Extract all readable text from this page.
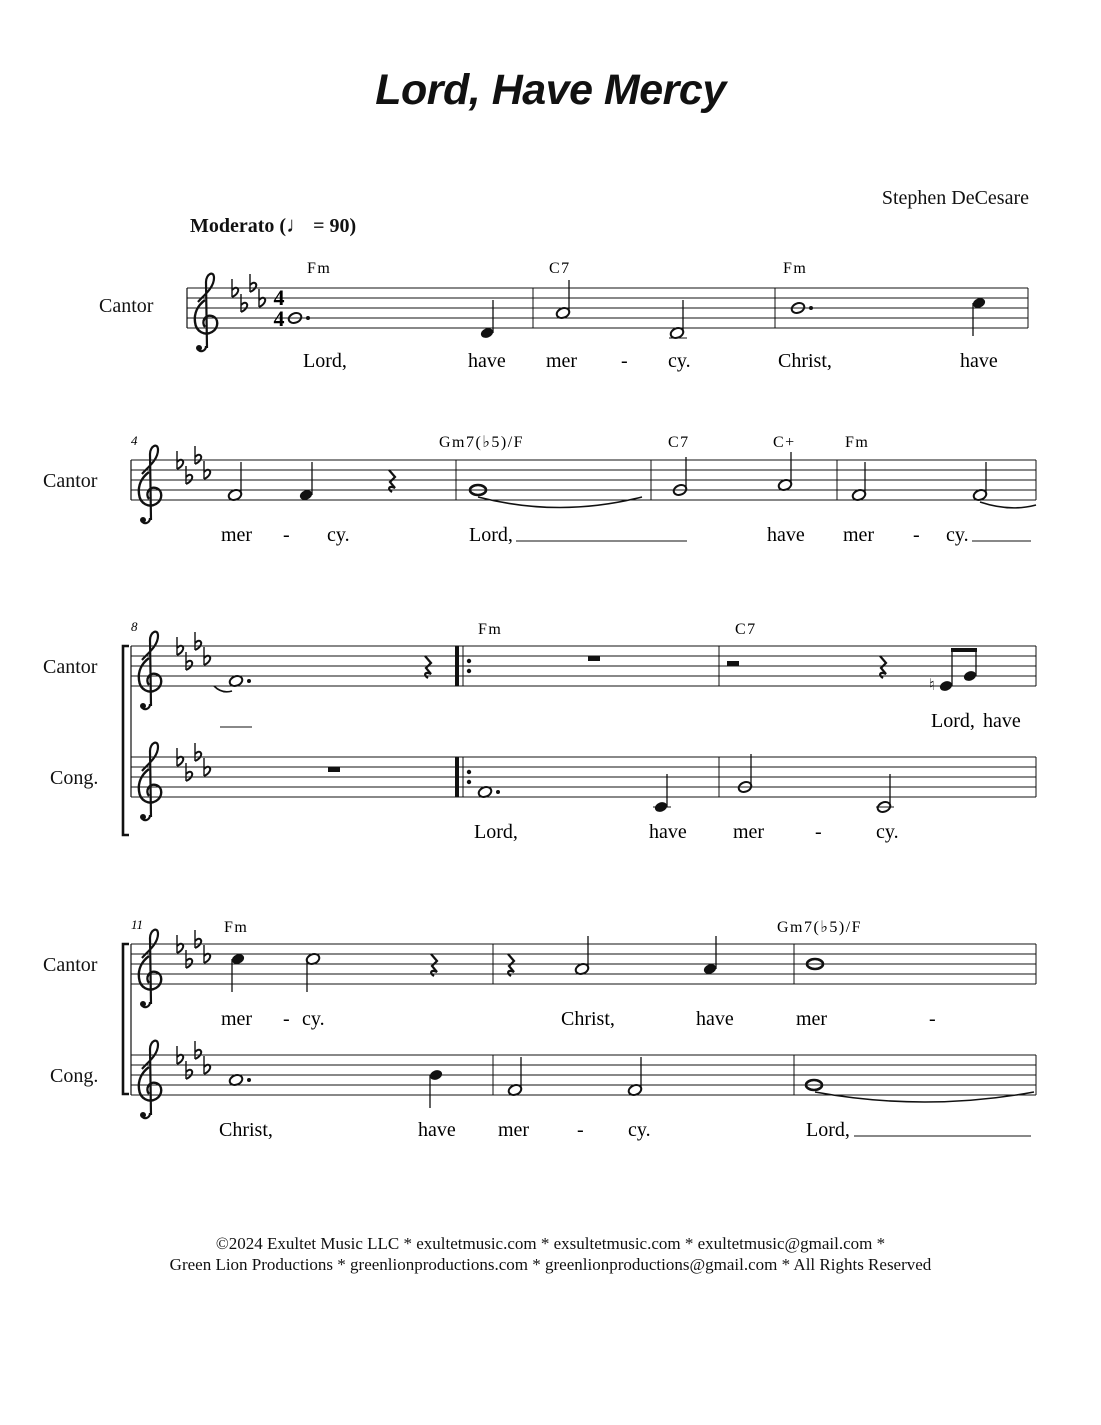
Lord, Have Mercy
Stephen DeCesare
Moderato (♩ = 90)
Cantor
Cantor
Cantor
Cong.
Cantor
Cong.
4
4
Fm	C7	Fm
Lord,	have mer - cy.	Christ,	have
4	Gm7(♭5)/F	C7	C+	Fm
mer - cy.	Lord,	have mer - cy.
8
♮
Fm	C7
Lord, have
Lord,	have mer	-	cy.
11	Fm	Gm7(♭5)/F
mer - cy.	Christ,	have	mer	-
Christ,	have mer - cy.	Lord,
©2024 Exultet Music LLC * exultetmusic.com * exsultetmusic.com * exultetmusic@gmail.com *
Green Lion Productions * greenlionproductions.com * greenlionproductions@gmail.com * All Rights Reserved
